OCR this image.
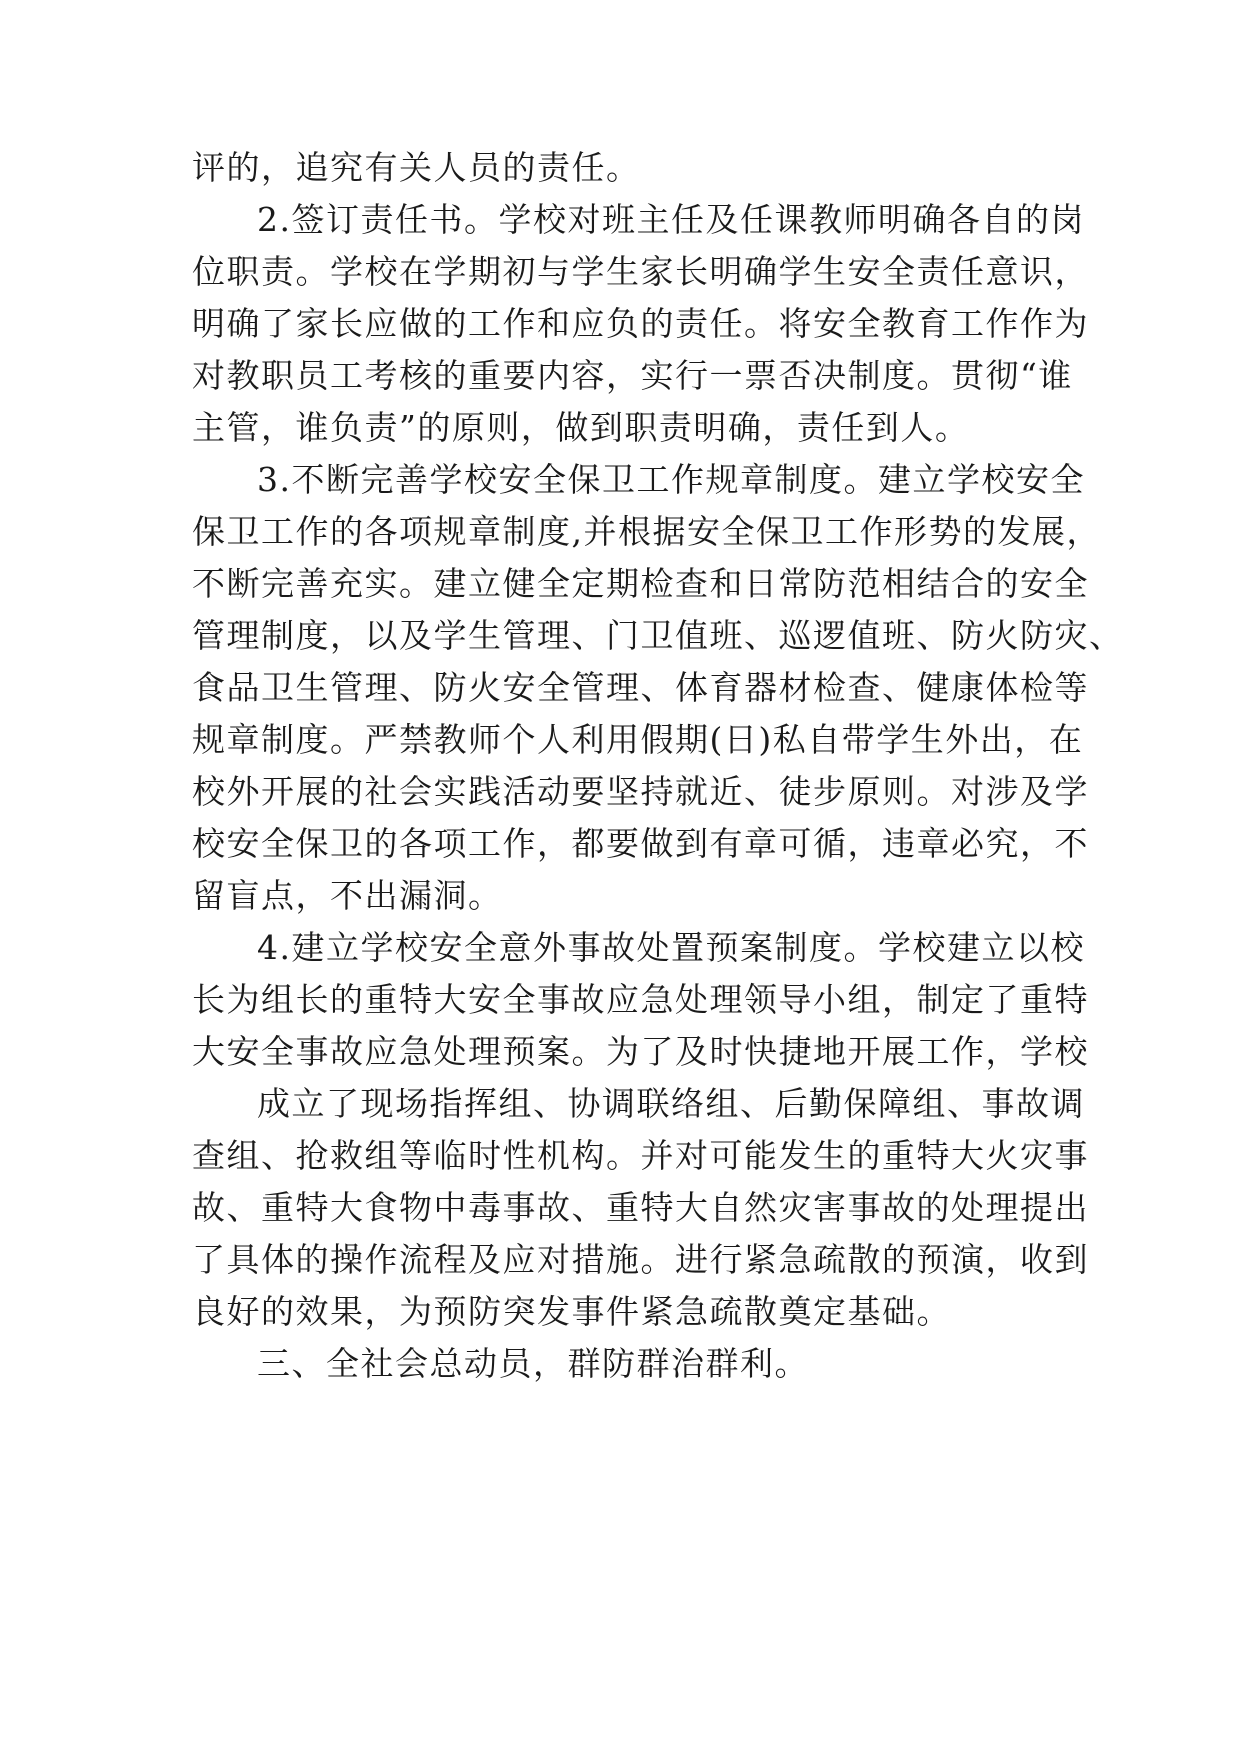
评的，追究有关人员的责任。

2.签订责任书。学校对班主任及任课教师明确各自的岗

位职责。学校在学期初与学生家长明确学生安全责任意识，

明确了家长应做的工作和应负的责任。将安全教育工作作为

对教职员工考核的重要内容，实行一票否决制度。贯彻“谁

主管，谁负责”的原则，做到职责明确，责任到人。

3.不断完善学校安全保卫工作规章制度。建立学校安全

保卫工作的各项规章制度,并根据安全保卫工作形势的发展，

不断完善充实。建立健全定期检查和日常防范相结合的安全

管理制度，以及学生管理、门卫值班、巡逻值班、防火防灾、

食品卫生管理、防火安全管理、体育器材检查、健康体检等

规章制度。严禁教师个人利用假期(日)私自带学生外出，在

校外开展的社会实践活动要坚持就近、徒步原则。对涉及学

校安全保卫的各项工作，都要做到有章可循，违章必究，不

留盲点，不出漏洞。

4.建立学校安全意外事故处置预案制度。学校建立以校

长为组长的重特大安全事故应急处理领导小组，制定了重特

大安全事故应急处理预案。为了及时快捷地开展工作，学校

成立了现场指挥组、协调联络组、后勤保障组、事故调

查组、抢救组等临时性机构。并对可能发生的重特大火灾事

故、重特大食物中毒事故、重特大自然灾害事故的处理提出

了具体的操作流程及应对措施。进行紧急疏散的预演，收到

良好的效果，为预防突发事件紧急疏散奠定基础。

三、全社会总动员，群防群治群利。
